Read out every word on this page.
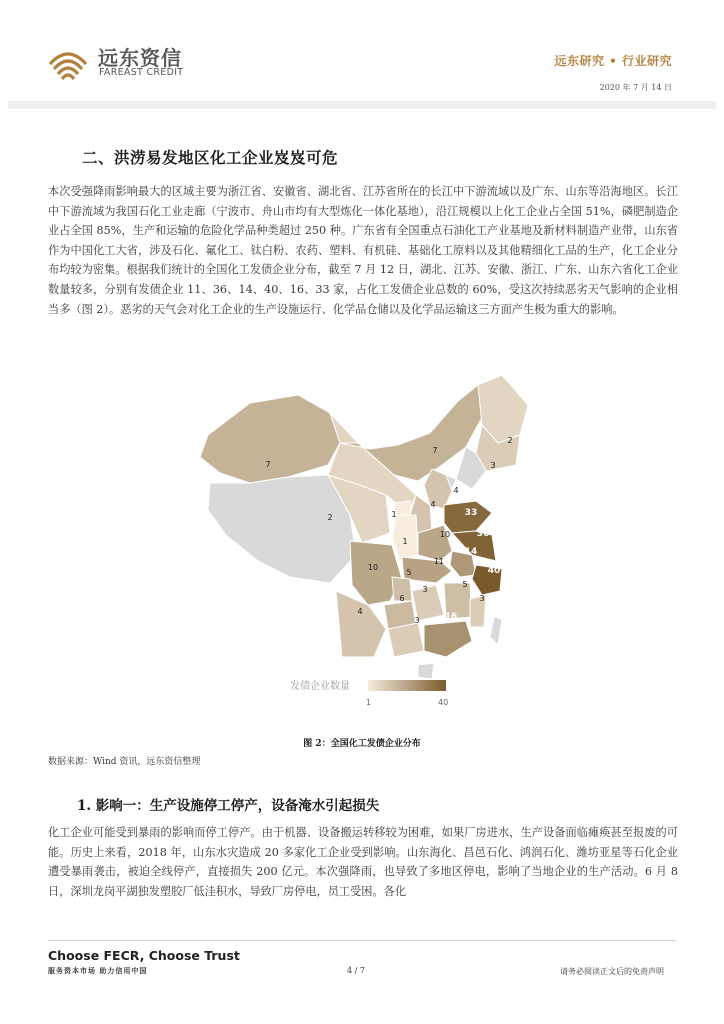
远东资信
FAREAST CREDIT
远东研究 • 行业研究
2020 年 7 月 14 日
二、洪涝易发地区化工企业岌岌可危
本次受强降雨影响最大的区域主要为浙江省、安徽省、湖北省、江苏省所在的长江中下游流域以及广东、山东等沿海地区。长江中下游流域为我国石化工业走廊（宁波市、舟山市均有大型炼化一体化基地），沿江规模以上化工企业占全国 51%，磷肥制造企业占全国 85%，生产和运输的危险化学品种类超过 250 种。广东省有全国重点石油化工产业基地及新材料制造产业带，山东省作为中国化工大省，涉及石化、氟化工、钛白粉、农药、塑料、有机硅、基础化工原料以及其他精细化工品的生产，化工企业分布均较为密集。根据我们统计的全国化工发债企业分布，截至 7 月 12 日，湖北、江苏、安徽、浙江、广东、山东六省化工企业数量较多，分别有发债企业 11、36、14、40、16、33 家，占化工发债企业总数的 60%，受这次持续恶劣天气影响的企业相当多（图 2）。恶劣的天气会对化工企业的生产设施运行、化学品仓储以及化学品运输这三方面产生极为重大的影响。
7
2	1
7
2
3
4
4
1
33
10	36
14
40
11
10
5
3
5
3
6
4
3	16
发债企业数量
1	40
图 2：全国化工发债企业分布
数据来源：Wind 资讯，远东资信整理
1. 影响一：生产设施停工停产，设备淹水引起损失
化工企业可能受到暴雨的影响而停工停产。由于机器、设备搬运转移较为困难，如果厂房进水，生产设备面临瘫痪甚至报废的可能。历史上来看，2018 年，山东水灾造成 20 多家化工企业受到影响。山东海化、昌邑石化、鸿润石化、潍坊亚星等石化企业遭受暴雨袭击，被迫全线停产，直接损失 200 亿元。本次强降雨，也导致了多地区停电，影响了当地企业的生产活动。6 月 8 日，深圳龙岗平湖独发塑胶厂低洼积水，导致厂房停电，员工受困。各化
Choose FECR, Choose Trust
服务资本市场 助力信用中国	4 / 7	请务必阅读正文后的免责声明
